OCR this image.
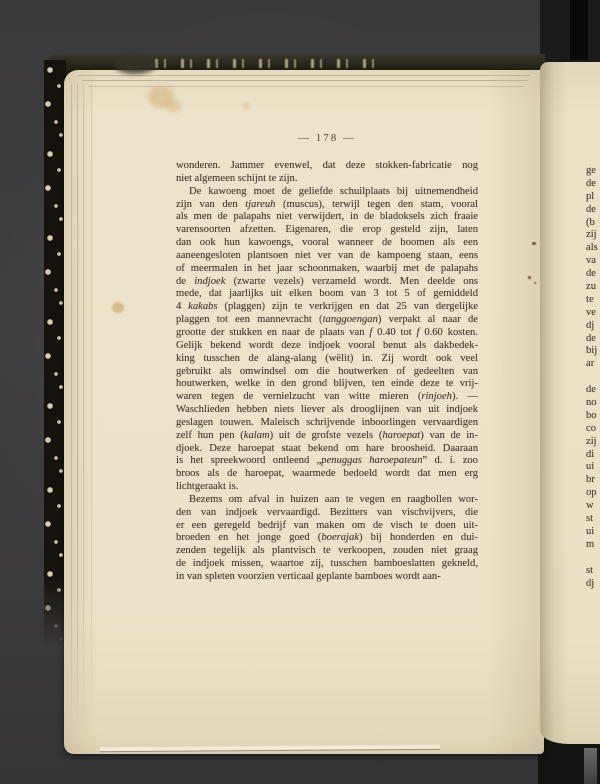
— 178 —
wonderen. Jammer evenwel, dat deze stokken-fabricatie nog
niet algemeen schijnt te zijn.
De kawoeng moet de geliefde schuilplaats bij uitnemendheid
zijn van den tjareuh (muscus), terwijl tegen den stam, vooral
als men de palapahs niet verwijdert, in de bladoksels zich fraaie
varensoorten afzetten. Eigenaren, die erop gesteld zijn, laten
dan ook hun kawoengs, vooral wanneer de boomen als een
aaneengesloten plantsoen niet ver van de kampoeng staan, eens
of meermalen in het jaar schoonmaken, waarbij met de palapahs
de indjoek (zwarte vezels) verzameld wordt. Men deelde ons
mede, dat jaarlijks uit elken boom van 3 tot 5 of gemiddeld
4 kakabs (plaggen) zijn te verkrijgen en dat 25 van dergelijke
plaggen tot een mannevracht (tanggoengan) verpakt al naar de
grootte der stukken en naar de plaats van f 0.40 tot f 0.60 kosten.
Gelijk bekend wordt deze indjoek vooral benut als dakbedek-
king tusschen de alang-alang (wëlit) in. Zij wordt ook veel
gebruikt als omwindsel om die houtwerken of gedeelten van
houtwerken, welke in den grond blijven, ten einde deze te vrij-
waren tegen de vernielzucht van witte mieren (rinjoeh). —
Waschlieden hebben niets liever als drooglijnen van uit indjoek
geslagen touwen. Maleisch schrijvende inboorlingen vervaardigen
zelf hun pen (kalam) uit de grofste vezels (haroepat) van de in-
djoek. Deze haroepat staat bekend om hare broosheid. Daaraan
is het spreekwoord ontleend „penuggas haroepateun” d. i. zoo
broos als de haroepat, waarmede bedoeld wordt dat men erg
lichtgeraakt is.
Bezems om afval in huizen aan te vegen en raagbollen wor-
den van indjoek vervaardigd. Bezitters van vischvijvers, die
er een geregeld bedrijf van maken om de visch te doen uit-
broeden en het jonge goed (boerajak) bij honderden en dui-
zenden tegelijk als plantvisch te verkoopen, zouden niet graag
de indjoek missen, waartoe zij, tusschen bamboeslatten gekneld,
in van spleten voorzien verticaal geplante bamboes wordt aan-
ge
de
pl
de
(b
zij
als
va
de
zu
te
ve
dj
de
bij
ar
de
no
bo
co
zij
di
ui
br
op
w
st
ui
m
st
dj
